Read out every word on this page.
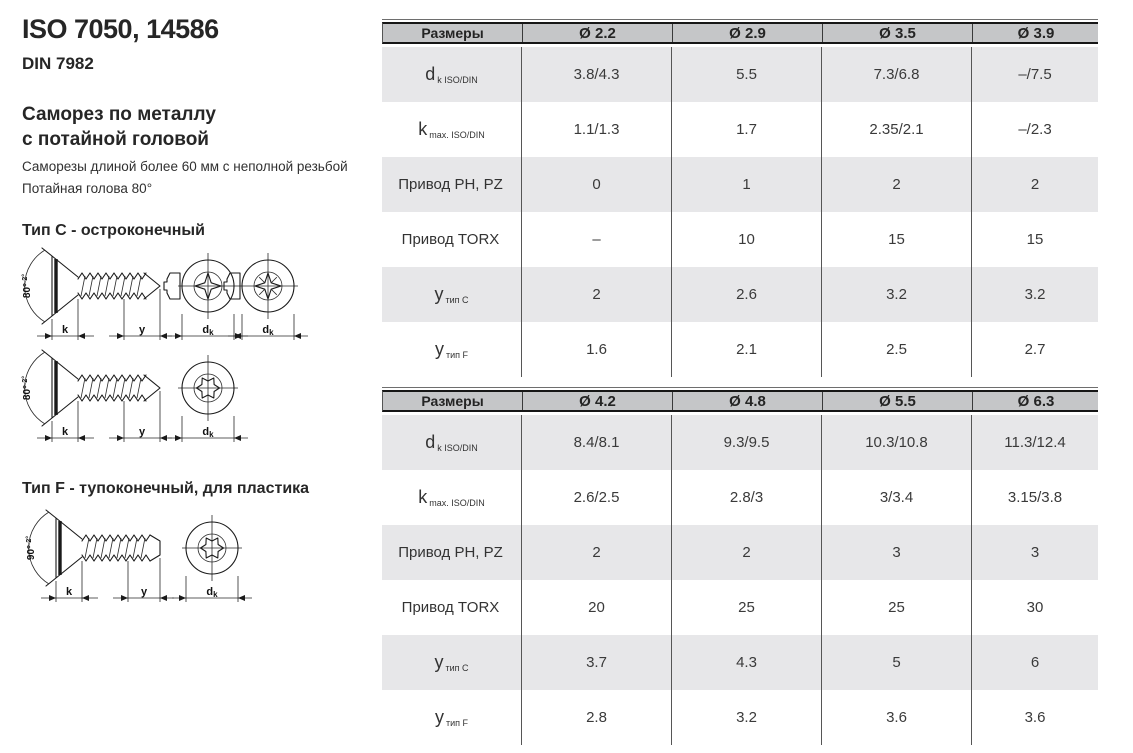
ISO 7050, 14586
DIN 7982
Саморез по металлу
с потайной головой
Саморезы длиной более 60 мм с неполной резьбой
Потайная голова 80°
Тип C - остроконечный
Тип F - тупоконечный, для пластика
80°$^{-2^\circ}$
k	y	dk	dk
80°$^{-2^\circ}$
k	y	dk
90°$^{-2^\circ}$
k	y	dk
Размеры	Ø 2.2	Ø 2.9	Ø 3.5	Ø 3.9
d k ISO/DIN	3.8/4.3	5.5	7.3/6.8	–/7.5
k max. ISO/DIN	1.1/1.3	1.7	2.35/2.1	–/2.3
Привод PH, PZ	0	1	2	2
Привод TORX	–	10	15	15
y тип C	2	2.6	3.2	3.2
y тип F	1.6	2.1	2.5	2.7
Размеры	Ø 4.2	Ø 4.8	Ø 5.5	Ø 6.3
d k ISO/DIN	8.4/8.1	9.3/9.5	10.3/10.8	11.3/12.4
k max. ISO/DIN	2.6/2.5	2.8/3	3/3.4	3.15/3.8
Привод PH, PZ	2	2	3	3
Привод TORX	20	25	25	30
y тип C	3.7	4.3	5	6
y тип F	2.8	3.2	3.6	3.6
